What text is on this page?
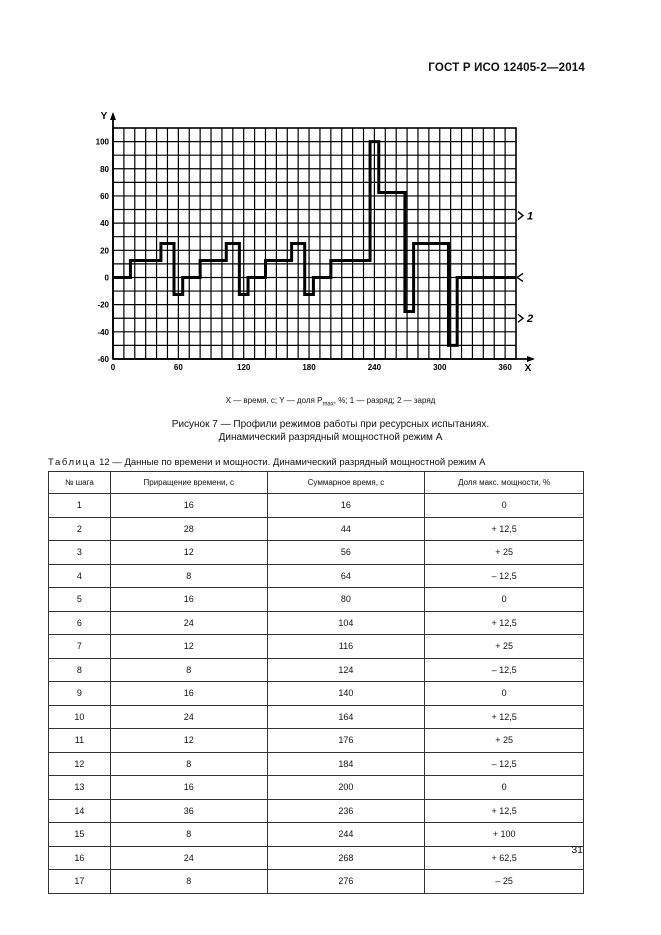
ГОСТ Р ИСО 12405-2—2014
-60
-40
-20
0
20
40
60
80
100
0	60	120	180	240	300	360
Y
X
1
2
X — время, с; Y — доля $P_{max}$, %; 1 — разряд; 2 — заряд
Рисунок 7 — Профили режимов работы при ресурсных испытаниях.
Динамический разрядный мощностной режим А
Таблица 12 — Данные по времени и мощности. Динамический разрядный мощностной режим А
№ шага	Приращение времени, с	Суммарное время, с	Доля макс. мощности, %
1	16	16	0
2	28	44	+ 12,5
3	12	56	+ 25
4	8	64	– 12,5
5	16	80	0
6	24	104	+ 12,5
7	12	116	+ 25
8	8	124	– 12,5
9	16	140	0
10	24	164	+ 12,5
11	12	176	+ 25
12	8	184	– 12,5
13	16	200	0
14	36	236	+ 12,5
15	8	244	+ 100
16	24	268	+ 62,5
17	8	276	– 25
31
